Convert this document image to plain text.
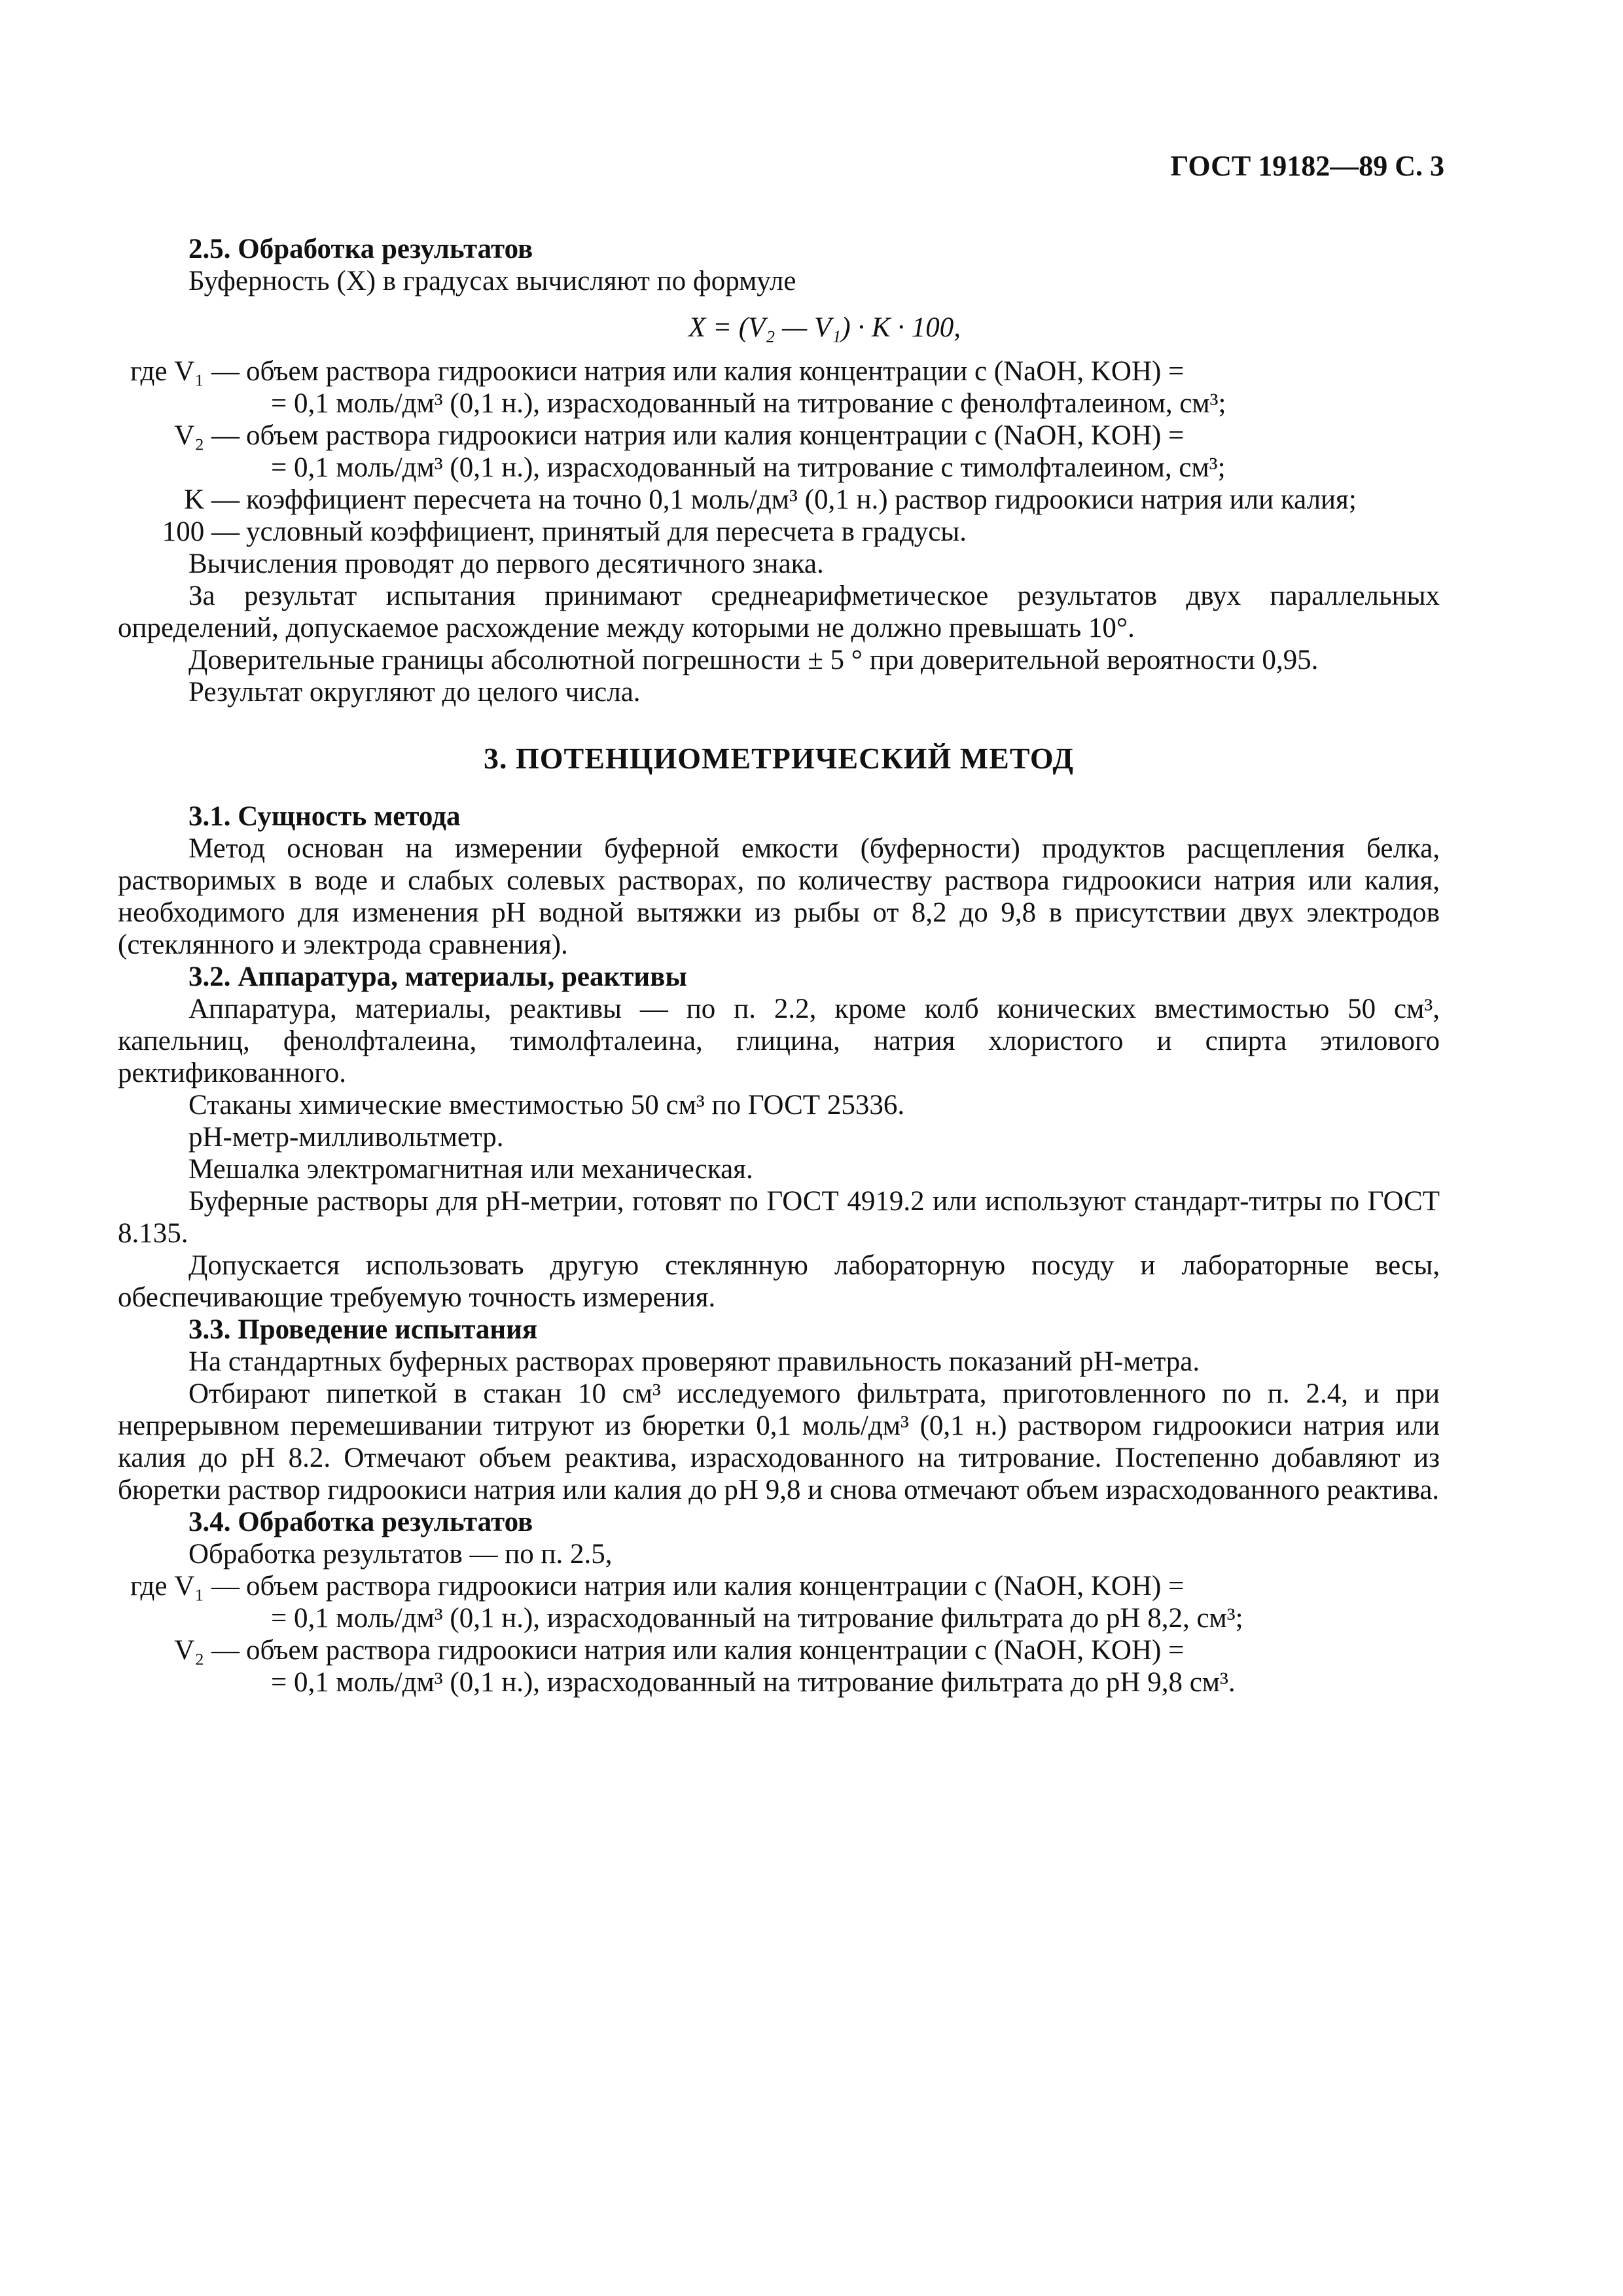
ГОСТ 19182—89 С. 3

2.5. Обработка результатов

Буферность (X) в градусах вычисляют по формуле

X = (V₂ — V₁) · K · 100,
где V₁ — объем раствора гидроокиси натрия или калия концентрации c (NaOH, KOH) =
= 0,1 моль/дм³ (0,1 н.), израсходованный на титрование с фенолфталеином, см³;
V₂ — объем раствора гидроокиси натрия или калия концентрации c (NaOH, KOH) =
= 0,1 моль/дм³ (0,1 н.), израсходованный на титрование с тимолфталеином, см³;
K — коэффициент пересчета на точно 0,1 моль/дм³ (0,1 н.) раствор гидроокиси натрия или калия;
100 — условный коэффициент, принятый для пересчета в градусы.

Вычисления проводят до первого десятичного знака.

За результат испытания принимают среднеарифметическое результатов двух параллельных определений, допускаемое расхождение между которыми не должно превышать 10°.

Доверительные границы абсолютной погрешности ± 5 ° при доверительной вероятности 0,95.

Результат округляют до целого числа.

3. ПОТЕНЦИОМЕТРИЧЕСКИЙ МЕТОД

3.1. Сущность метода

Метод основан на измерении буферной емкости (буферности) продуктов расщепления белка, растворимых в воде и слабых солевых растворах, по количеству раствора гидроокиси натрия или калия, необходимого для изменения pH водной вытяжки из рыбы от 8,2 до 9,8 в присутствии двух электродов (стеклянного и электрода сравнения).

3.2. Аппаратура, материалы, реактивы

Аппаратура, материалы, реактивы — по п. 2.2, кроме колб конических вместимостью 50 см³, капельниц, фенолфталеина, тимолфталеина, глицина, натрия хлористого и спирта этилового ректификованного.

Стаканы химические вместимостью 50 см³ по ГОСТ 25336.

pH-метр-милливольтметр.

Мешалка электромагнитная или механическая.

Буферные растворы для pH-метрии, готовят по ГОСТ 4919.2 или используют стандарт-титры по ГОСТ 8.135.

Допускается использовать другую стеклянную лабораторную посуду и лабораторные весы, обеспечивающие требуемую точность измерения.

3.3. Проведение испытания

На стандартных буферных растворах проверяют правильность показаний pH-метра.

Отбирают пипеткой в стакан 10 см³ исследуемого фильтрата, приготовленного по п. 2.4, и при непрерывном перемешивании титруют из бюретки 0,1 моль/дм³ (0,1 н.) раствором гидроокиси натрия или калия до pH 8.2. Отмечают объем реактива, израсходованного на титрование. Постепенно добавляют из бюретки раствор гидроокиси натрия или калия до pH 9,8 и снова отмечают объем израсходованного реактива.

3.4. Обработка результатов

Обработка результатов — по п. 2.5,

где V₁ — объем раствора гидроокиси натрия или калия концентрации c (NaOH, KOH) =
= 0,1 моль/дм³ (0,1 н.), израсходованный на титрование фильтрата до pH 8,2, см³;
V₂ — объем раствора гидроокиси натрия или калия концентрации c (NaOH, KOH) =
= 0,1 моль/дм³ (0,1 н.), израсходованный на титрование фильтрата до pH 9,8 см³.
